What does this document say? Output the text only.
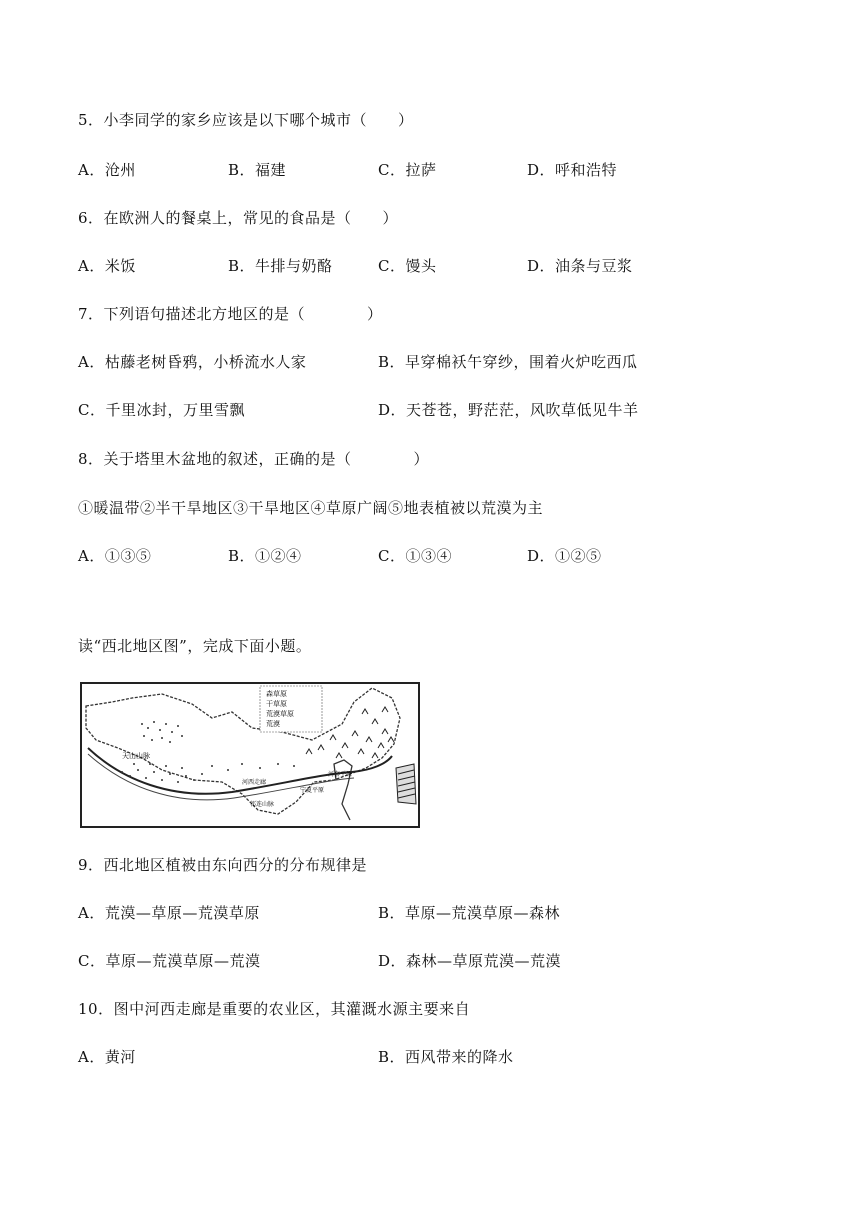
5．小李同学的家乡应该是以下哪个城市（　　）
A．沧州	B．福建	C．拉萨	D．呼和浩特
6．在欧洲人的餐桌上，常见的食品是（　　）
A．米饭	B．牛排与奶酪	C．馒头	D．油条与豆浆
7．下列语句描述北方地区的是（　　　　）
A．枯藤老树昏鸦，小桥流水人家	B．早穿棉袄午穿纱，围着火炉吃西瓜
C．千里冰封，万里雪飘	D．天苍苍，野茫茫，风吹草低见牛羊
8．关于塔里木盆地的叙述，正确的是（　　　　）
①暖温带②半干旱地区③干旱地区④草原广阔⑤地表植被以荒漠为主
A．①③⑤	B．①②④	C．①③④	D．①②⑤
读“西北地区图”，完成下面小题。
森草原
干草原
荒漠草原
荒漠
天山山脉
河西走廊
祁连山脉
河套平原
宁夏平原
9．西北地区植被由东向西分的分布规律是
A．荒漠—草原—荒漠草原	B．草原—荒漠草原—森林
C．草原—荒漠草原—荒漠	D．森林—草原荒漠—荒漠
10．图中河西走廊是重要的农业区，其灌溉水源主要来自
A．黄河	B．西风带来的降水
